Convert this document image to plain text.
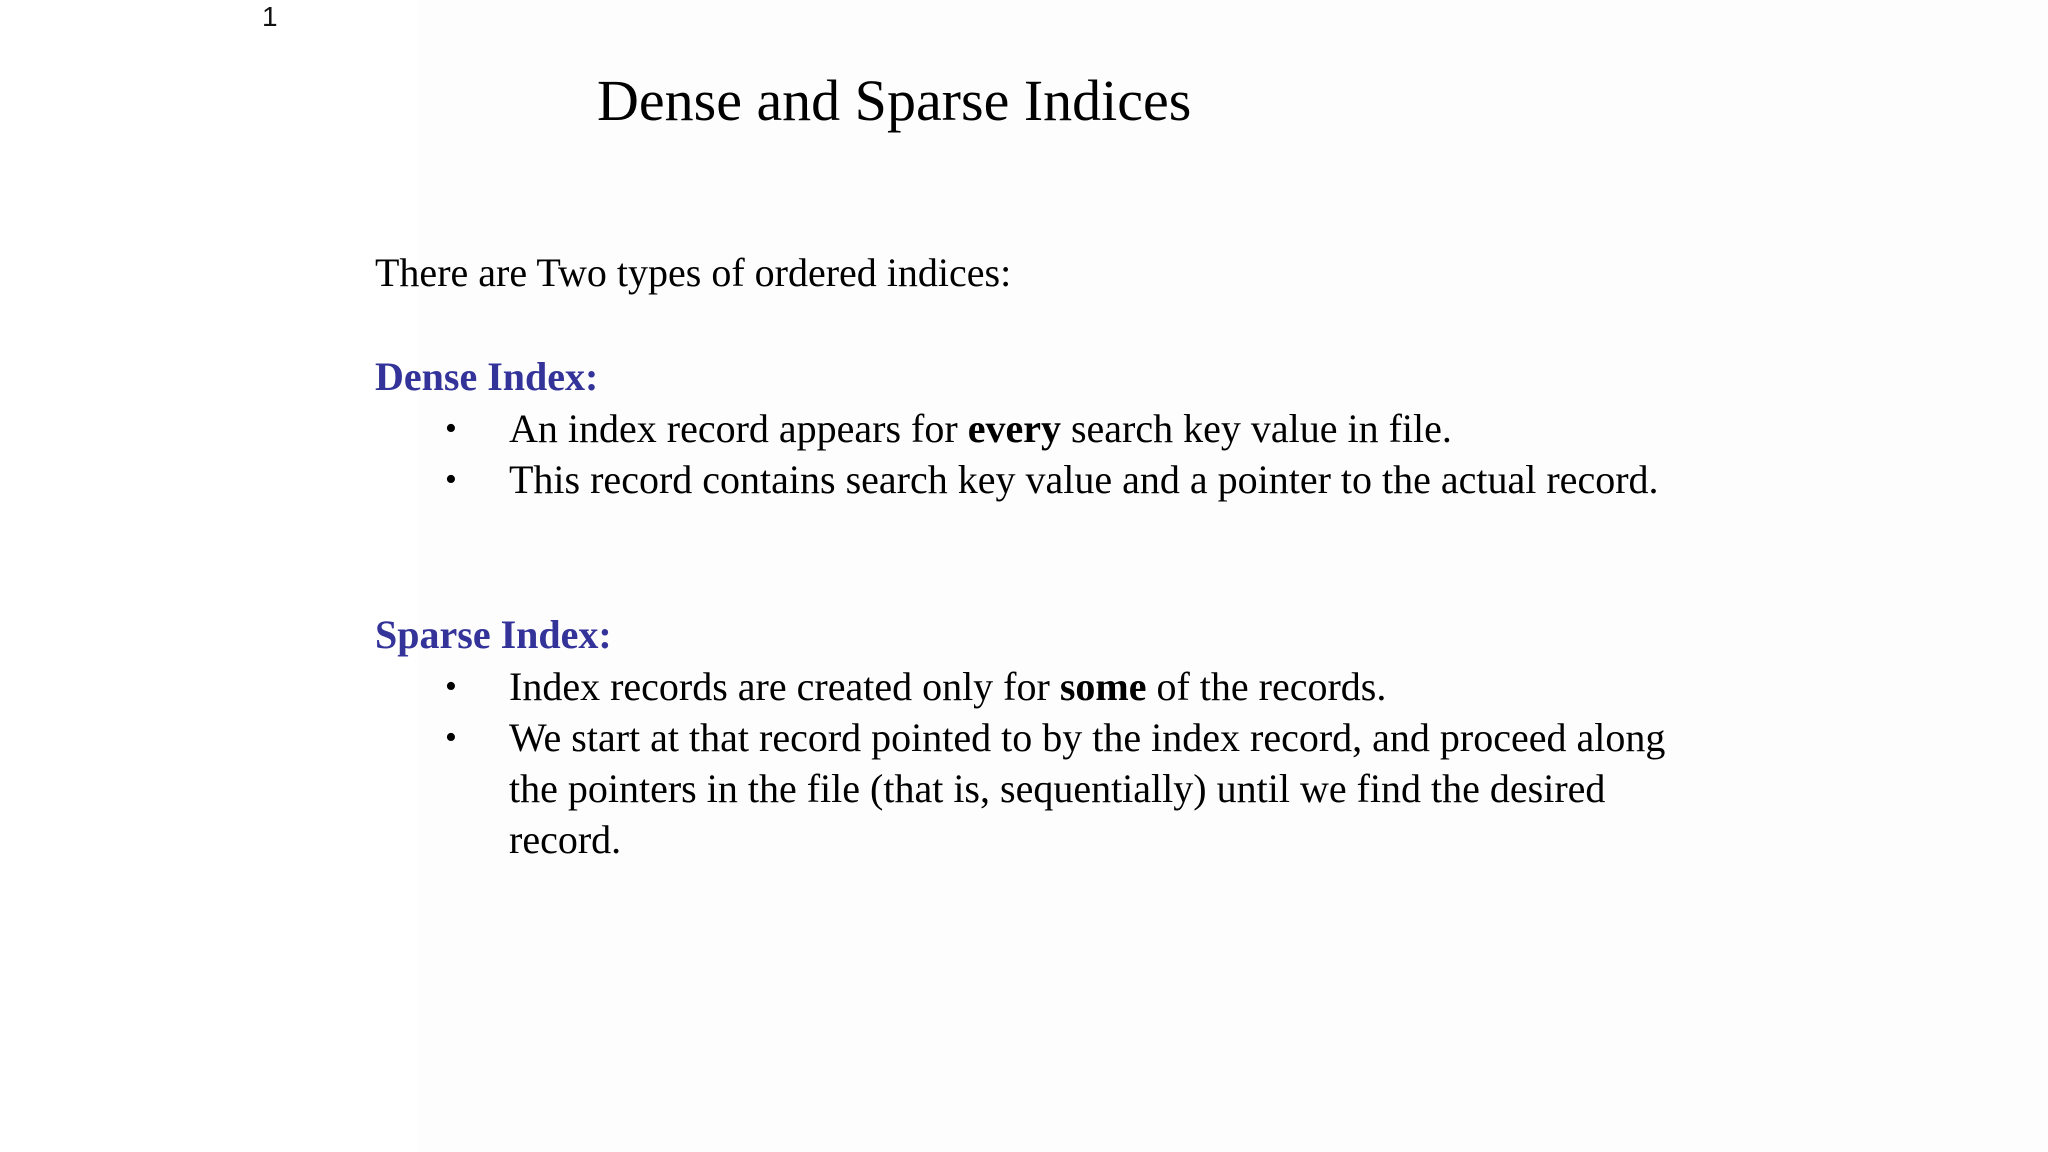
1
Dense and Sparse Indices
There are Two types of ordered indices:
Dense Index:
• An index record appears for every search key value in file.
• This record contains search key value and a pointer to the actual record.
Sparse Index:
• Index records are created only for some of the records.
• We start at that record pointed to by the index record, and proceed along the pointers in the file (that is, sequentially) until we find the desired record.
